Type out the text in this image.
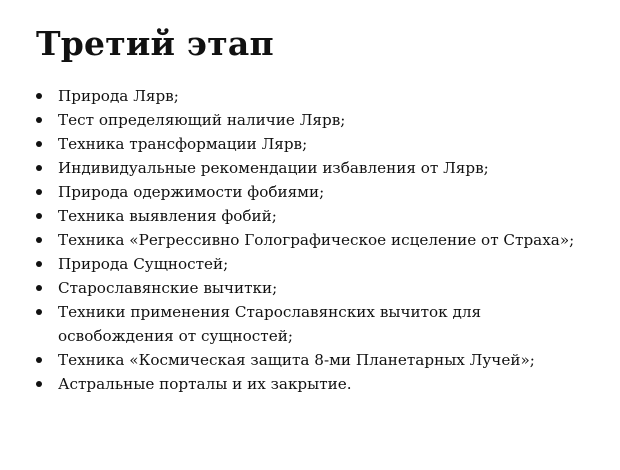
Третий этап
Природа Лярв;
Тест определяющий наличие Лярв;
Техника трансформации Лярв;
Индивидуальные рекомендации избавления от Лярв;
Природа одержимости фобиями;
Техника выявления фобий;
Техника «Регрессивно Голографическое исцеление от Страха»;
Природа Сущностей;
Старославянские вычитки;
Техники применения Старославянских вычиток для освобождения от сущностей;
Техника «Космическая защита 8-ми Планетарных Лучей»;
Астральные порталы и их закрытие.
